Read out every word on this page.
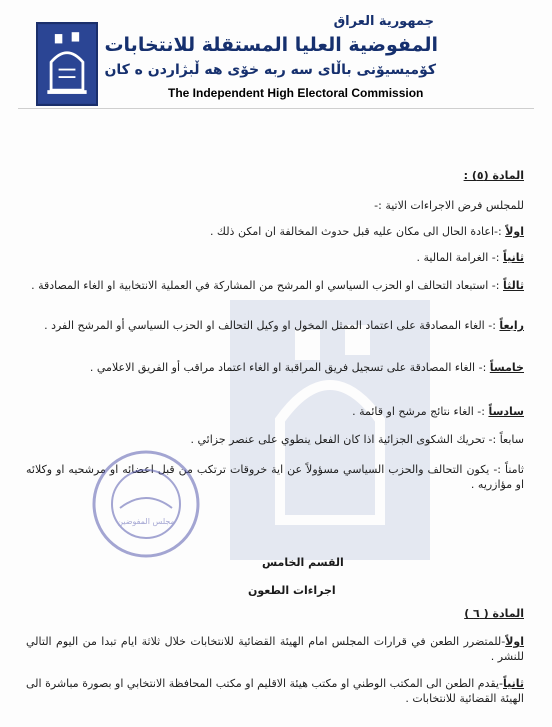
جمهورية العراق
المفوضية العليا المستقلة للانتخابات
كۆمیسیۆنی باڵای سه ربه خۆی هه ڵبژاردن ه کان
The Independent High Electoral Commission
المادة (٥) :
للمجلس فرض الاجراءات الاتية :-
اولاً :-اعادة الحال الى مكان عليه قبل حدوث المخالفة ان امكن ذلك .
ثانياً :- الغرامة المالية .
ثالثاً :- استبعاد التحالف او الحزب السياسي او المرشح من المشاركة في العملية الانتخابية او الغاء المصادقة .
رابعاً :- الغاء المصادقة على اعتماد الممثل المخول او وكيل التحالف او الحزب السياسي أو المرشح الفرد .
خامساً :- الغاء المصادقة على تسجيل فريق المراقبة او الغاء اعتماد مراقب أو الفريق الاعلامي .
سادساً :- الغاء نتائج مرشح او قائمة .
سابعاً :- تحريك الشكوى الجزائية اذا كان الفعل ينطوي على عنصر جزائي .
ثامناً :- يكون التحالف والحزب السياسي مسؤولاً عن اية خروقات ترتكب من قبل اعضائه او مرشحيه او وكلائه او مؤازريه .
مجلس المفوضين
القسم الخامس
اجراءات الطعون
المادة ( ٦ )
اولاً-للمتضرر الطعن في قرارات المجلس امام الهيئة القضائية للانتخابات خلال ثلاثة ايام تبدا من اليوم التالي للنشر .
ثانياً-يقدم الطعن الى المكتب الوطني او مكتب هيئة الاقليم او مكتب المحافظة الانتخابي او بصورة مباشرة الى الهيئة القضائية للانتخابات .
